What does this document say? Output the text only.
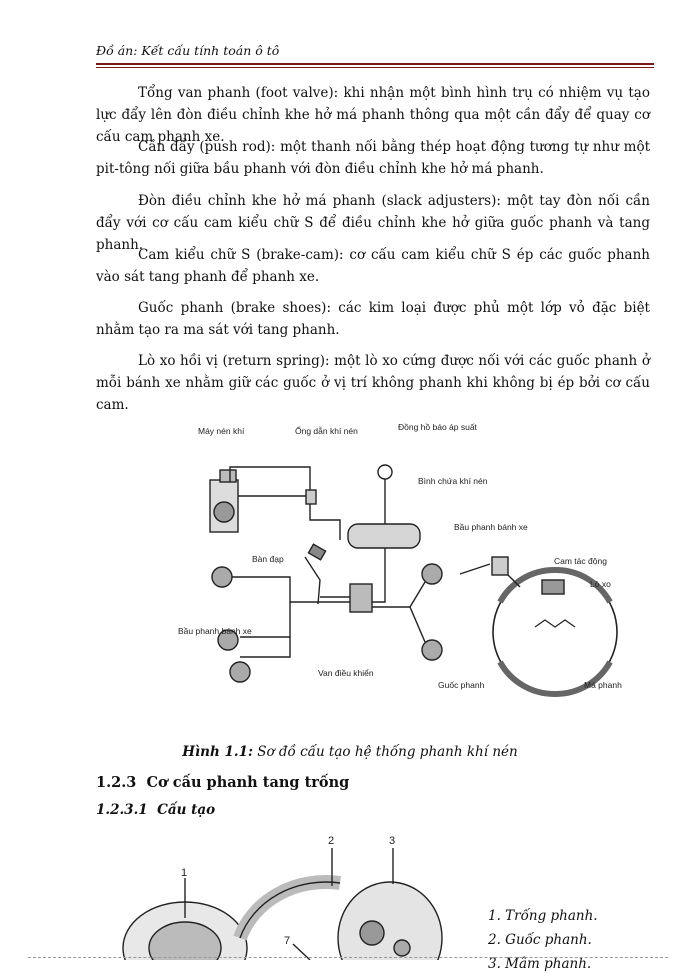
Đồ án: Kết cấu tính toán ô tô

Tổng van phanh (foot valve): khi nhận một bình hình trụ có nhiệm vụ tạo lực đẩy lên đòn điều chỉnh khe hở má phanh thông qua một cần đẩy để quay cơ cấu cam phanh xe.

Cần đẩy (push rod): một thanh nối bằng thép hoạt động tương tự như một pit-tông nối giữa bầu phanh với đòn điều chỉnh khe hở má phanh.

Đòn điều chỉnh khe hở má phanh (slack adjusters): một tay đòn nối cần đẩy với cơ cấu cam kiểu chữ S để điều chỉnh khe hở giữa guốc phanh và tang phanh.

Cam kiểu chữ S (brake-cam): cơ cấu cam kiểu chữ S ép các guốc phanh vào sát tang phanh để phanh xe.

Guốc phanh (brake shoes): các kim loại được phủ một lớp vỏ đặc biệt nhằm tạo ra ma sát với tang phanh.

Lò xo hồi vị (return spring): một lò xo cứng được nối với các guốc phanh ở mỗi bánh xe nhằm giữ các guốc ở vị trí không phanh khi không bị ép bởi cơ cấu cam.

Máy nén khí	Ống dẫn khí nén	Đồng hồ báo áp suất
Bình chứa khí nén
Bầu phanh bánh xe
Bàn đạp	Cam tác động
Lò xo
Bầu phanh bánh xe
Van điều khiển
Guốc phanh	Má phanh
Hình 1.1: Sơ đồ cấu tạo hệ thống phanh khí nén
1.2.3 Cơ cấu phanh tang trống
1.2.3.1 Cấu tạo
1
2	3
7
1. Trống phanh.
2. Guốc phanh.
3. Mâm phanh.
